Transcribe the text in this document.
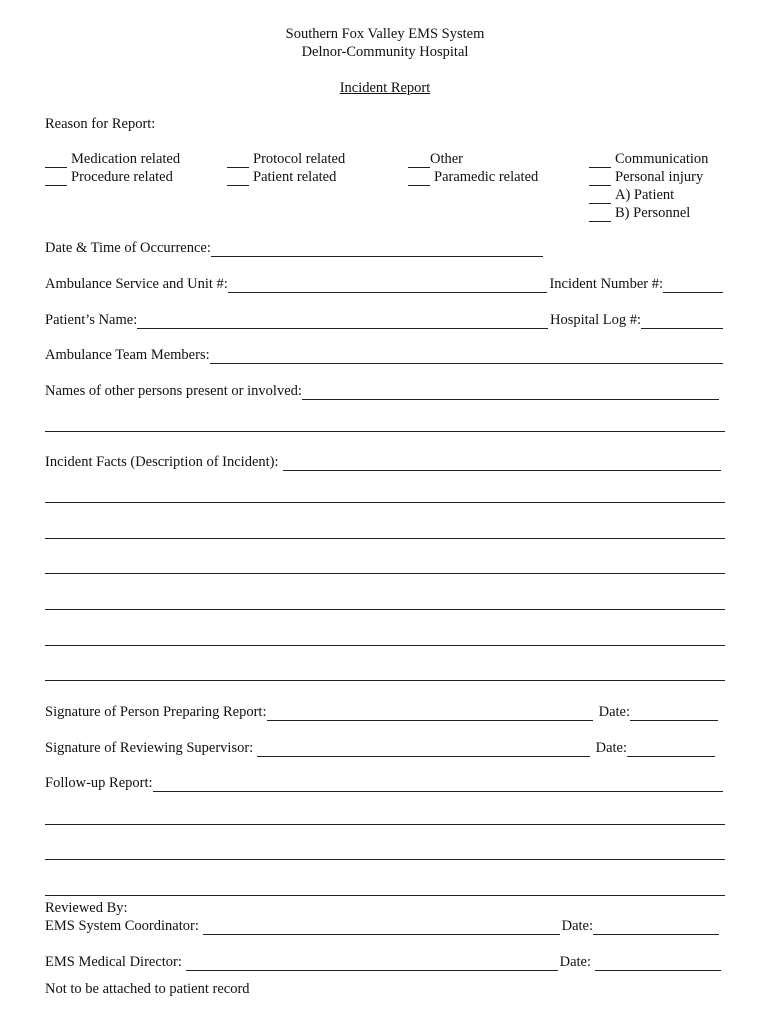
Southern Fox Valley EMS System
Delnor-Community Hospital
Incident Report
Reason for Report:
Medication related
Procedure related
Protocol related
Patient related
Other
Paramedic related
Communication
Personal injury
A) Patient
B) Personnel
Date & Time of Occurrence:
Ambulance Service and Unit #:	Incident Number #:
Patient’s Name:	Hospital Log #:
Ambulance Team Members:
Names of other persons present or involved:
Incident Facts (Description of Incident):
Signature of Person Preparing Report:	Date:
Signature of Reviewing Supervisor:	Date:
Follow-up Report:
Reviewed By:
EMS System Coordinator:	Date:
EMS Medical Director:	Date:
Not to be attached to patient record
